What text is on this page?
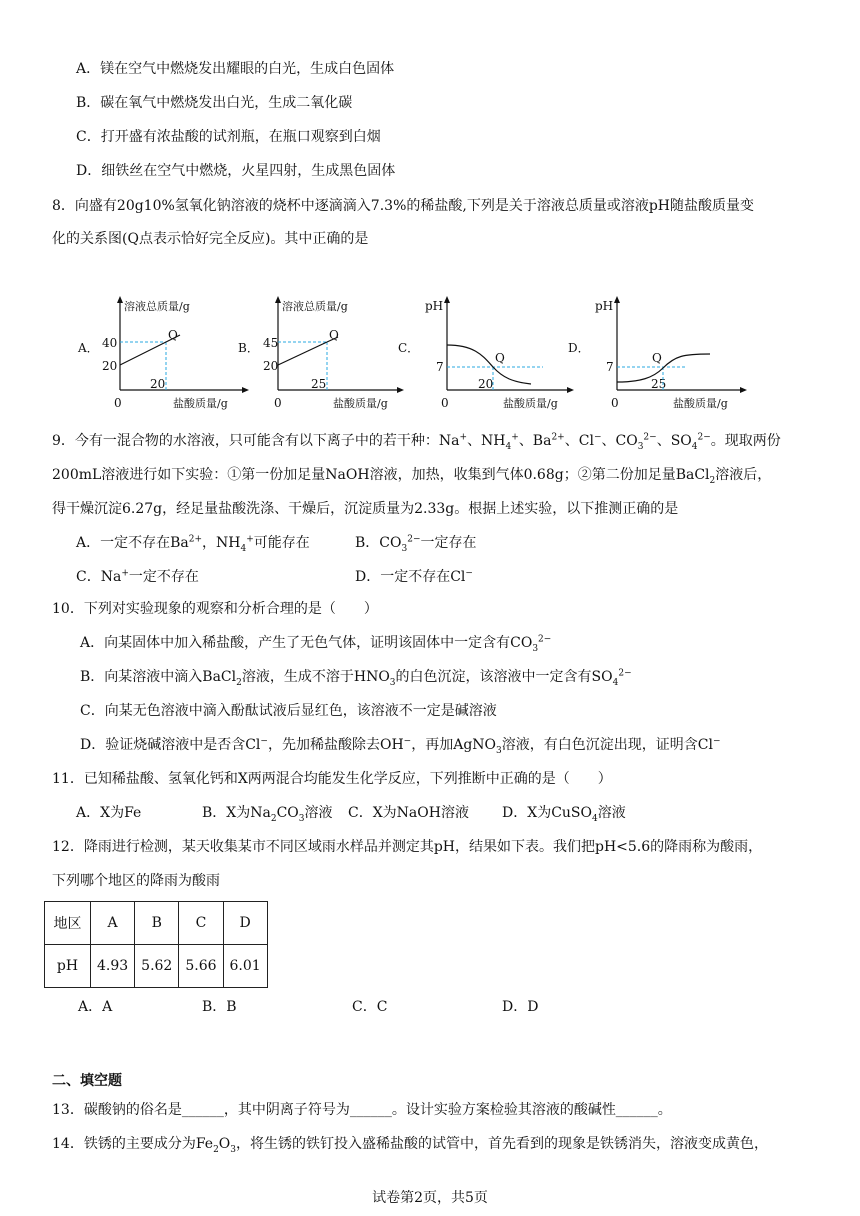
A．镁在空气中燃烧发出耀眼的白光，生成白色固体
B．碳在氧气中燃烧发出白光，生成二氧化碳
C．打开盛有浓盐酸的试剂瓶，在瓶口观察到白烟
D．细铁丝在空气中燃烧，火星四射，生成黑色固体
8．向盛有20g10%氢氧化钠溶液的烧杯中逐滴滴入7.3%的稀盐酸,下列是关于溶液总质量或溶液pH随盐酸质量变
化的关系图(Q点表示恰好完全反应)。其中正确的是
A．
溶液总质量/g
盐酸质量/g
0
40
20
20
Q
B．
溶液总质量/g
盐酸质量/g
0
45
20
25
Q
C．
pH
盐酸质量/g
0
7
20
Q
D．
pH
盐酸质量/g
0
7
25
Q
9．今有一混合物的水溶液，只可能含有以下离子中的若干种：Na+、$NH_4^+$、$Ba^{2+}$、Cl−、$CO_3^{2-}$、$SO_4^{2-}$。现取两份
200mL溶液进行如下实验：①第一份加足量NaOH溶液，加热，收集到气体0.68g；②第二份加足量BaCl$_2$溶液后，
得干燥沉淀6.27g，经足量盐酸洗涤、干燥后，沉淀质量为2.33g。根据上述实验，以下推测正确的是
A．一定不存在$Ba^{2+}$，$NH_4^+$可能存在	B．$CO_3^{2-}$一定存在
C．Na+一定不存在	D．一定不存在Cl−
10．下列对实验现象的观察和分析合理的是（　　）
A．向某固体中加入稀盐酸，产生了无色气体，证明该固体中一定含有$CO_3^{2-}$
B．向某溶液中滴入BaCl$_2$溶液，生成不溶于$HNO_3$的白色沉淀，该溶液中一定含有$SO_4^{2-}$
C．向某无色溶液中滴入酚酞试液后显红色，该溶液不一定是碱溶液
D．验证烧碱溶液中是否含Cl−，先加稀盐酸除去OH−，再加AgNO$_3$溶液，有白色沉淀出现，证明含Cl−
11．已知稀盐酸、氢氧化钙和X两两混合均能发生化学反应，下列推断中正确的是（　　）
A．X为Fe	B．X为$Na_2CO_3$溶液 C．X为NaOH溶液 D．X为CuSO$_4$溶液
12．降雨进行检测，某天收集某市不同区域雨水样品并测定其pH，结果如下表。我们把pH<5.6的降雨称为酸雨，
下列哪个地区的降雨为酸雨
地区	A	B	C	D
pH	4.93	5.62	5.66	6.01
A．A	B．B	C．C	D．D
二、填空题
13．碳酸钠的俗名是______，其中阴离子符号为______。设计实验方案检验其溶液的酸碱性______。
14．铁锈的主要成分为$Fe_2O_3$，将生锈的铁钉投入盛稀盐酸的试管中，首先看到的现象是铁锈消失，溶液变成黄色，
试卷第2页，共5页
